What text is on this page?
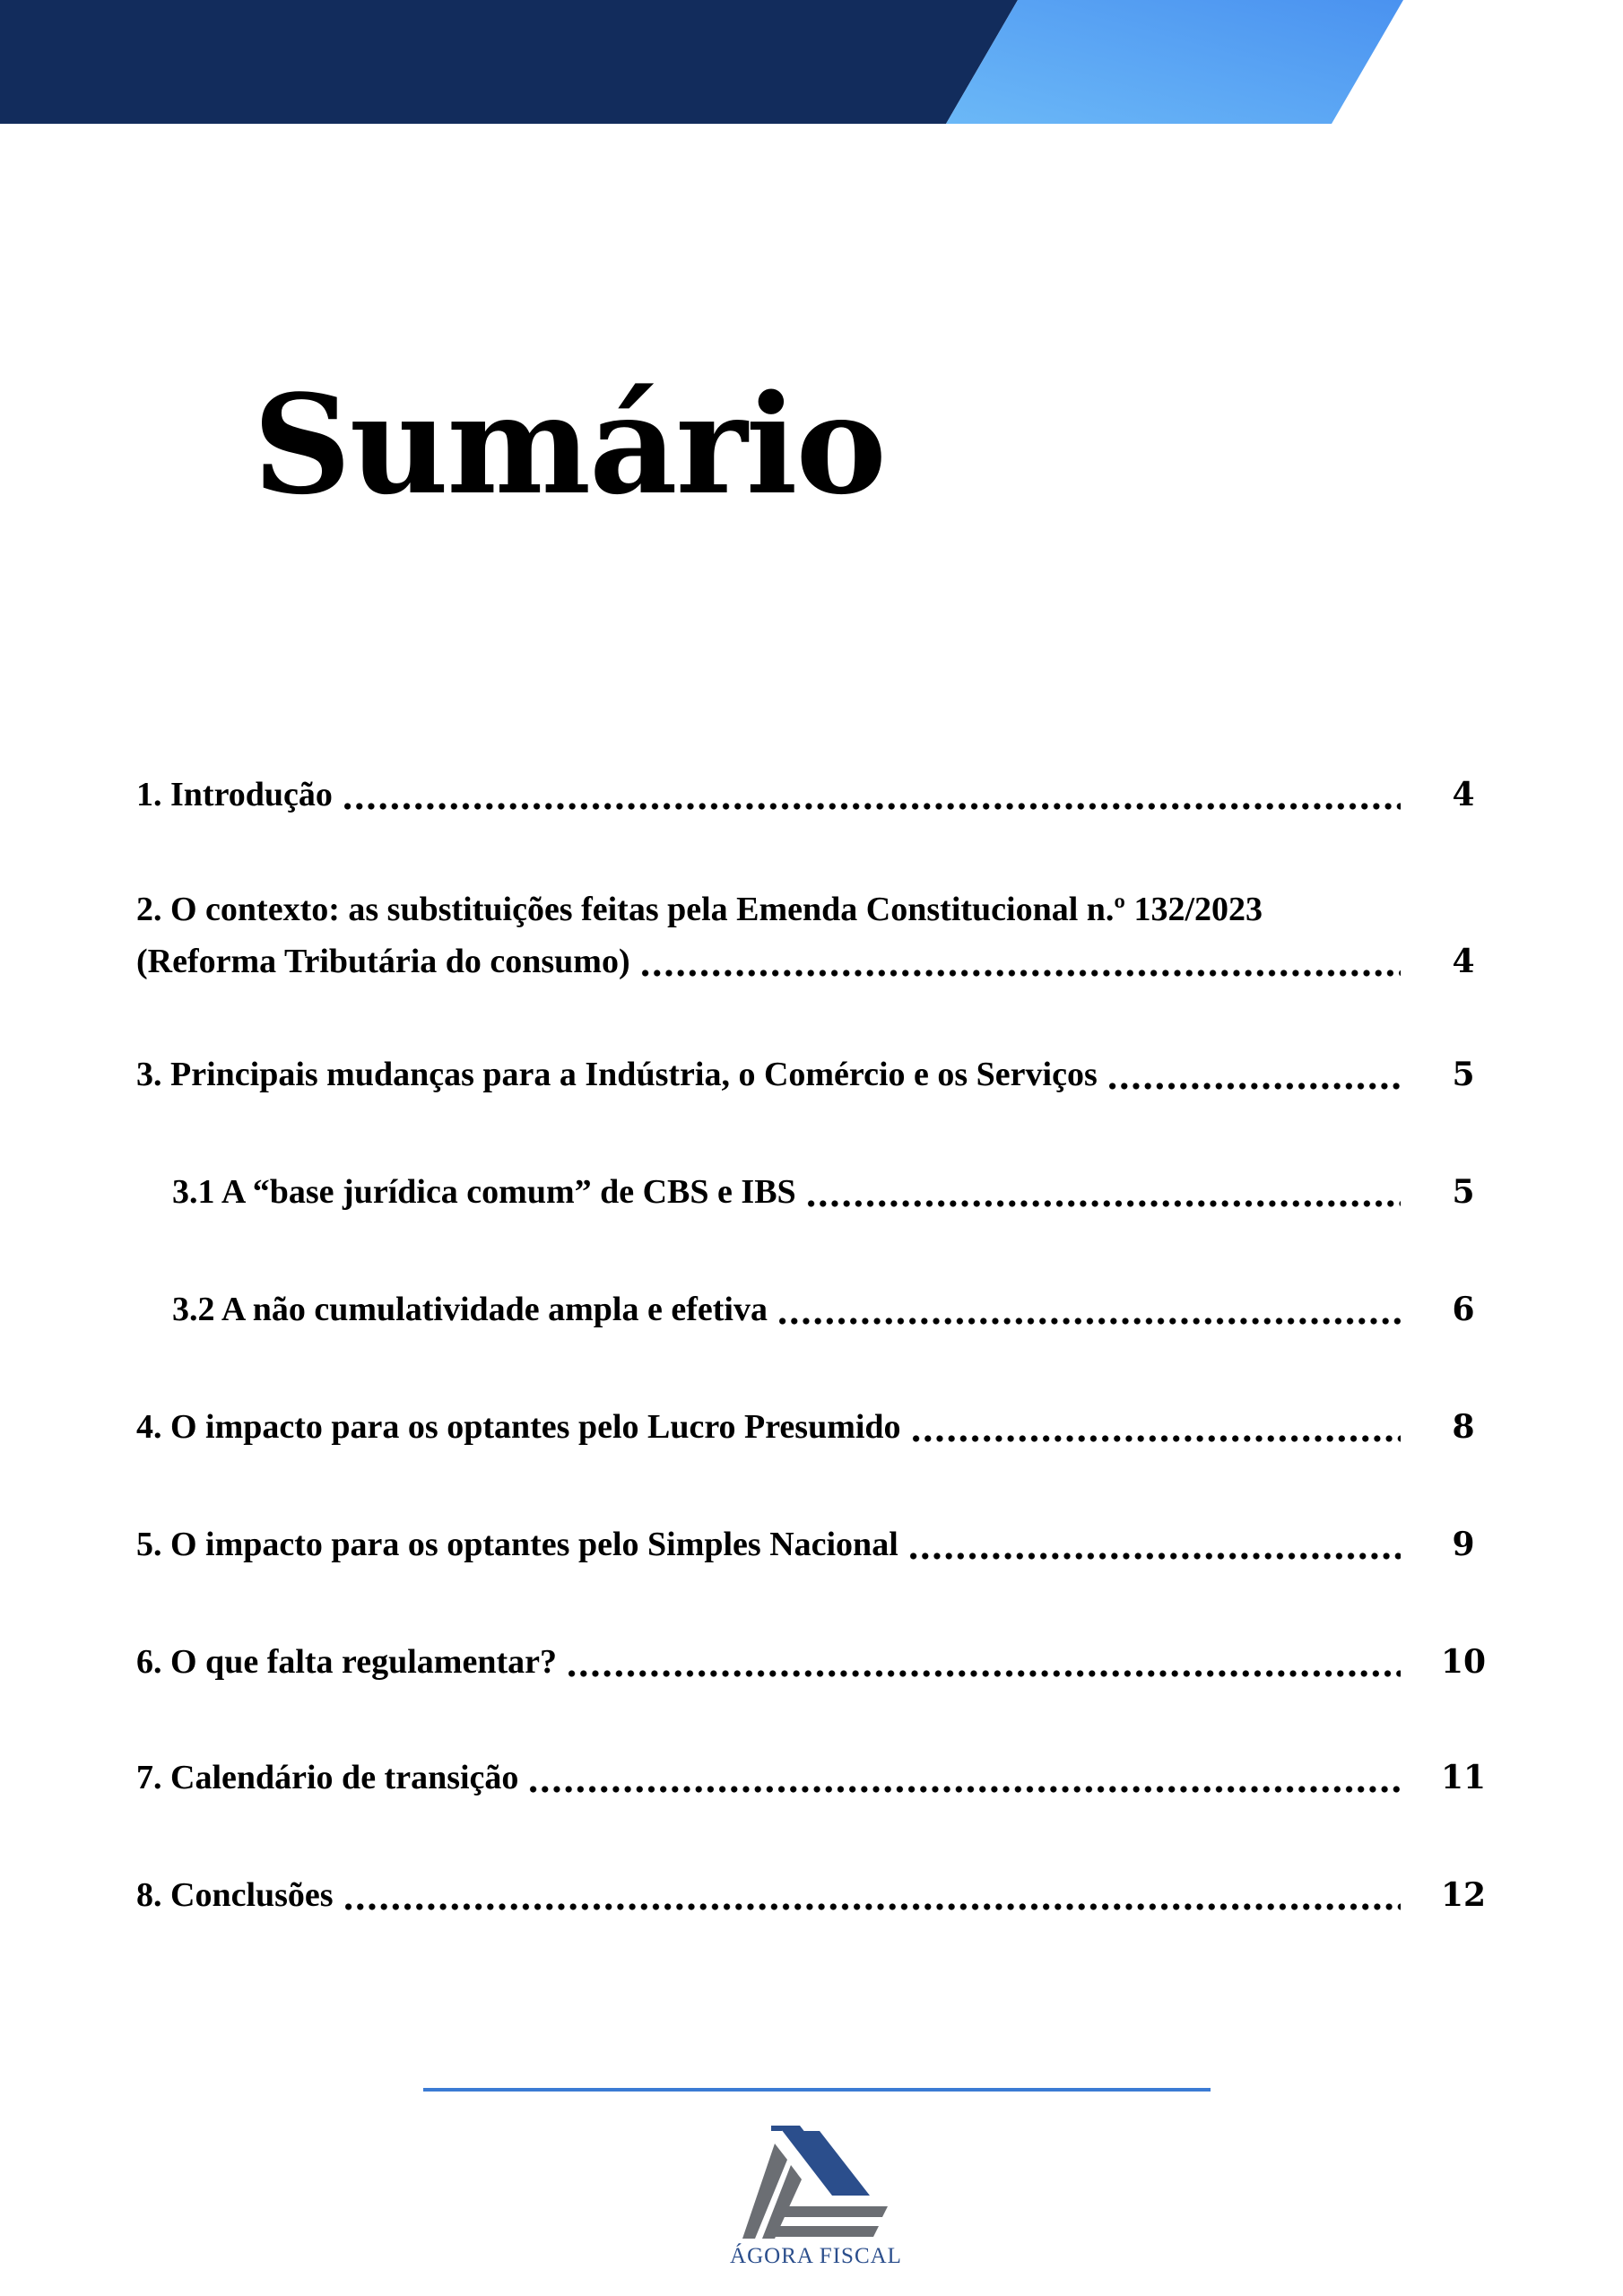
Sumário
1. Introdução	4
2. O contexto: as substituições feitas pela Emenda Constitucional n.º 132/2023
(Reforma Tributária do consumo)	4
3. Principais mudanças para a Indústria, o Comércio e os Serviços	5
3.1 A “base jurídica comum” de CBS e IBS	5
3.2 A não cumulatividade ampla e efetiva	6
4. O impacto para os optantes pelo Lucro Presumido	8
5. O impacto para os optantes pelo Simples Nacional	9
6. O que falta regulamentar?	10
7. Calendário de transição	11
8. Conclusões	12
ÁGORA FISCAL
